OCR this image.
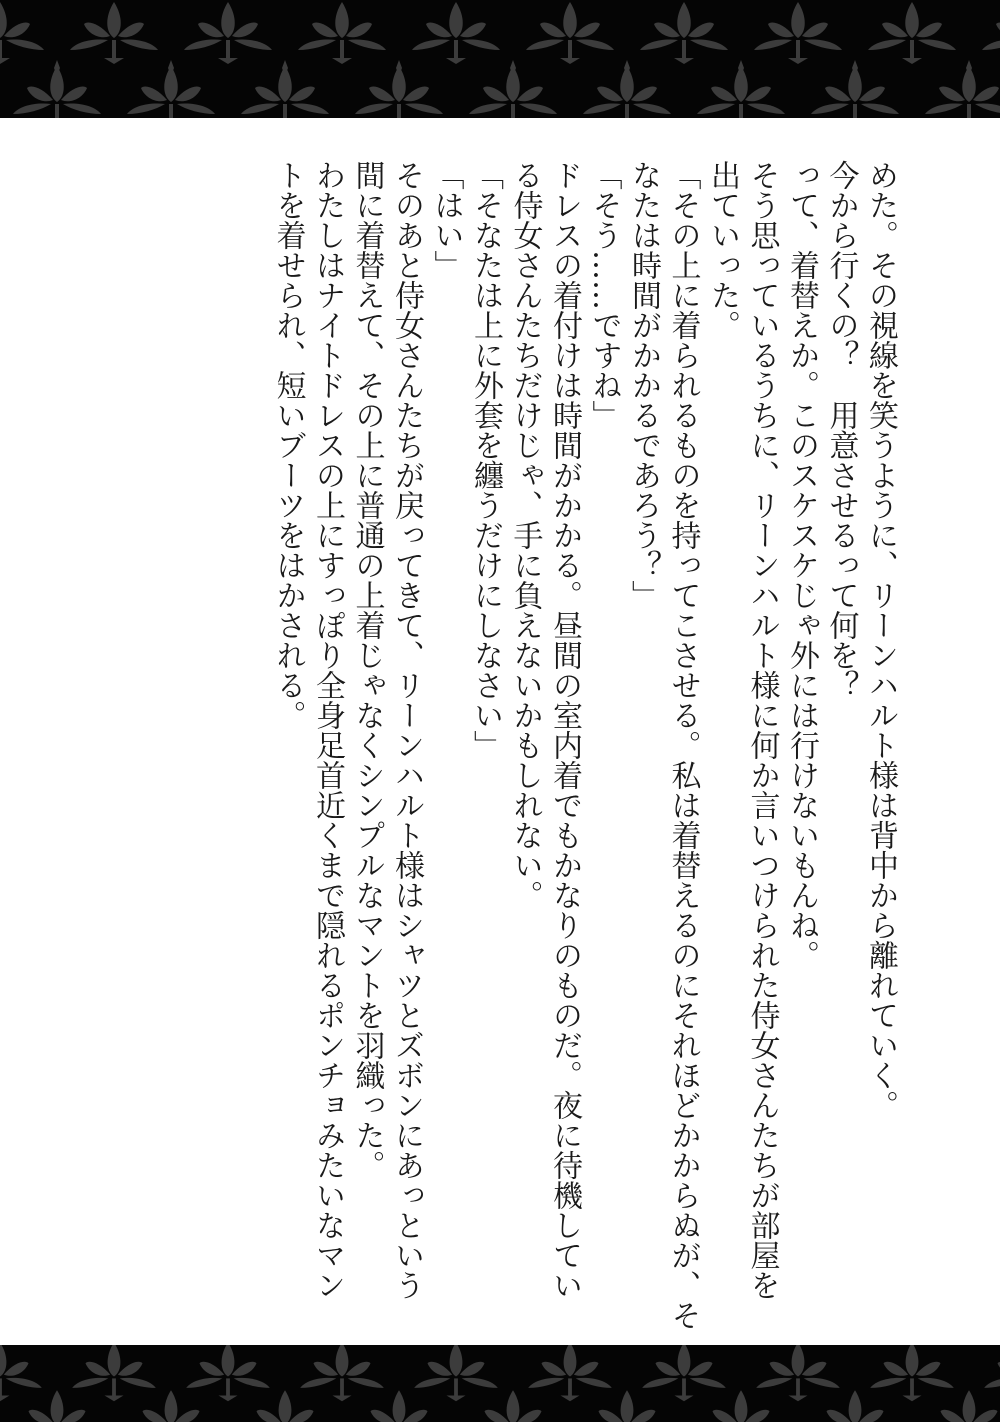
めた。その視線を笑うように、リーンハルト様は背中から離れていく。

今から行くの？　用意させるって何を？

って、着替えか。このスケスケじゃ外には行けないもんね。

そう思っているうちに、リーンハルト様に何か言いつけられた侍女さんたちが部屋を

出ていった。

「その上に着られるものを持ってこさせる。私は着替えるのにそれほどかからぬが、そ

なたは時間がかかるであろう？」

「そう……ですね」

ドレスの着付けは時間がかかる。昼間の室内着でもかなりのものだ。夜に待機してい

る侍女さんたちだけじゃ、手に負えないかもしれない。

「そなたは上に外套を纏うだけにしなさい」

「はい」

そのあと侍女さんたちが戻ってきて、リーンハルト様はシャツとズボンにあっという

間に着替えて、その上に普通の上着じゃなくシンプルなマントを羽織った。

わたしはナイトドレスの上にすっぽり全身足首近くまで隠れるポンチョみたいなマン

トを着せられ、短いブーツをはかされる。
